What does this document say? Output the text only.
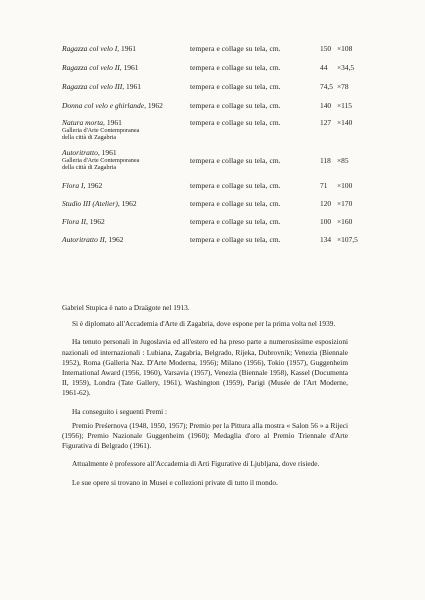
Ragazza col velo I, 1961	tempera e collage su tela, cm.	150 ×108
Ragazza col velo II, 1961	tempera e collage su tela, cm.	44 ×34,5
Ragazza col velo III, 1961	tempera e collage su tela, cm.	74,5 ×78
Donna col velo e ghirlande, 1962	tempera e collage su tela, cm.	140 ×115
Natura morta, 1961
Galleria d'Arte Contemporanea
della città di Zagabria
tempera e collage su tela, cm.	127 ×140
Autoritratto, 1961
Galleria d'Arte Contemporanea
della città di Zagabria
tempera e collage su tela, cm.	118 ×85
Flora I, 1962	tempera e collage su tela, cm.	71 ×100
Studio III (Atelier), 1962	tempera e collage su tela, cm.	120 ×170
Flora II, 1962	tempera e collage su tela, cm.	100 ×160
Autoritratto II, 1962	tempera e collage su tela, cm.	134 ×107,5

Gabriel Stupica è nato a Draägote nel 1913.

Si è diplomato all'Accademia d'Arte di Zagabria, dove espone per la prima volta nel 1939.

Ha tenuto personali in Jugoslavia ed all'estero ed ha preso parte a numerosissime esposizioni nazionali ed internazionali : Lubiana, Zagabria, Belgrado, Rijeka, Dubrovnik; Venezia (Biennale 1952), Roma (Galleria Naz. D'Arte Moderna, 1956); Milano (1956), Tokio (1957), Guggenheim International Award (1956, 1960), Varsavia (1957), Venezia (Biennale 1958), Kassel (Documenta II, 1959), Londra (Tate Gallery, 1961), Washington (1959), Parigi (Musée de l'Art Moderne, 1961-62).

Ha conseguito i seguenti Premi :

Premio Preśernova (1948, 1950, 1957); Premio per la Pittura alla mostra « Salon 56 » a Rijeci (1956); Premio Nazionale Guggenheim (1960); Medaglia d'oro al Premio Triennale d'Arte Figurativa di Belgrado (1961).

Attualmente è professore all'Accademia di Arti Figurative di Ljubljana, dove risiede.

Le sue opere si trovano in Musei e collezioni private di tutto il mondo.
